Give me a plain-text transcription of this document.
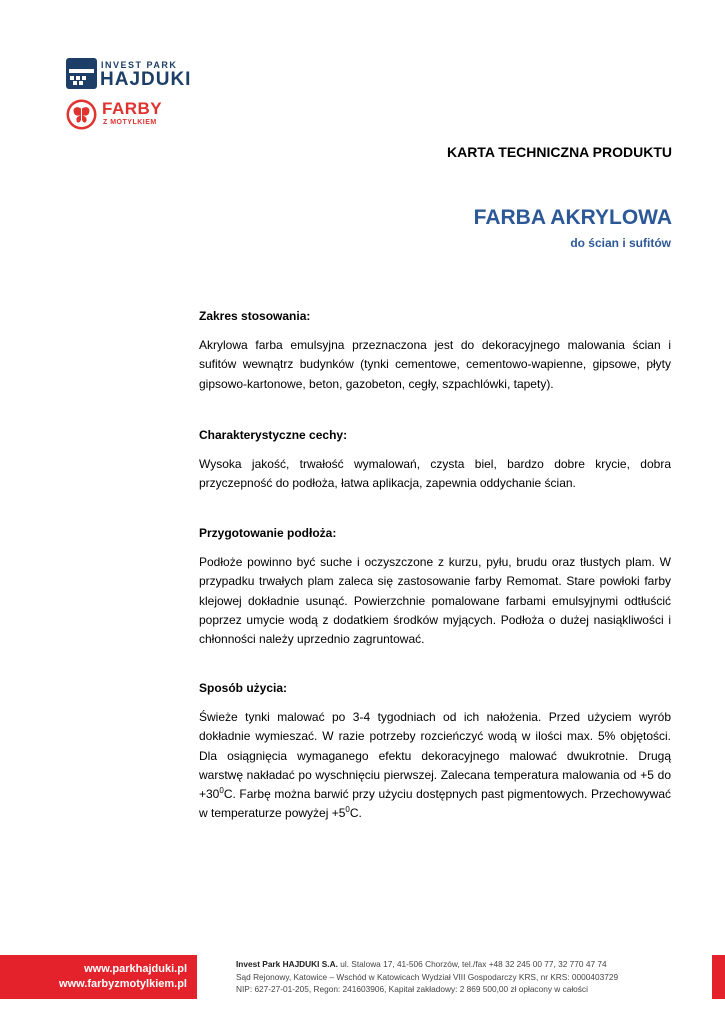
INVEST PARK
HAJDUKI
FARBY
Z MOTYLKIEM
KARTA TECHNICZNA PRODUKTU
FARBA AKRYLOWA
do ścian i sufitów

Zakres stosowania:

Akrylowa farba emulsyjna przeznaczona jest do dekoracyjnego malowania ścian i sufitów wewnątrz budynków (tynki cementowe, cementowo-wapienne, gipsowe, płyty gipsowo-kartonowe, beton, gazobeton, cegły, szpachlówki, tapety).

Charakterystyczne cechy:

Wysoka jakość, trwałość wymalowań, czysta biel, bardzo dobre krycie, dobra przyczepność do podłoża, łatwa aplikacja, zapewnia oddychanie ścian.

Przygotowanie podłoża:

Podłoże powinno być suche i oczyszczone z kurzu, pyłu, brudu oraz tłustych plam. W przypadku trwałych plam zaleca się zastosowanie farby Remomat. Stare powłoki farby klejowej dokładnie usunąć. Powierzchnie pomalowane farbami emulsyjnymi odtłuścić poprzez umycie wodą z dodatkiem środków myjących. Podłoża o dużej nasiąkliwości i chłonności należy uprzednio zagruntować.

Sposób użycia:

Świeże tynki malować po 3-4 tygodniach od ich nałożenia. Przed użyciem wyrób dokładnie wymieszać. W razie potrzeby rozcieńczyć wodą w ilości max. 5% objętości. Dla osiągnięcia wymaganego efektu dekoracyjnego malować dwukrotnie. Drugą warstwę nakładać po wyschnięciu pierwszej. Zalecana temperatura malowania od +5 do $+30^0C$. Farbę można barwić przy użyciu dostępnych past pigmentowych. Przechowywać w temperaturze powyżej $+5^0C$.

www.parkhajduki.pl
www.farbyzmotylkiem.pl
Invest Park HAJDUKI S.A. ul. Stalowa 17, 41-506 Chorzów, tel./fax +48 32 245 00 77, 32 770 47 74
Sąd Rejonowy, Katowice – Wschód w Katowicach Wydział VIII Gospodarczy KRS, nr KRS: 0000403729
NIP: 627-27-01-205, Regon: 241603906, Kapitał zakładowy: 2 869 500,00 zł opłacony w całości
